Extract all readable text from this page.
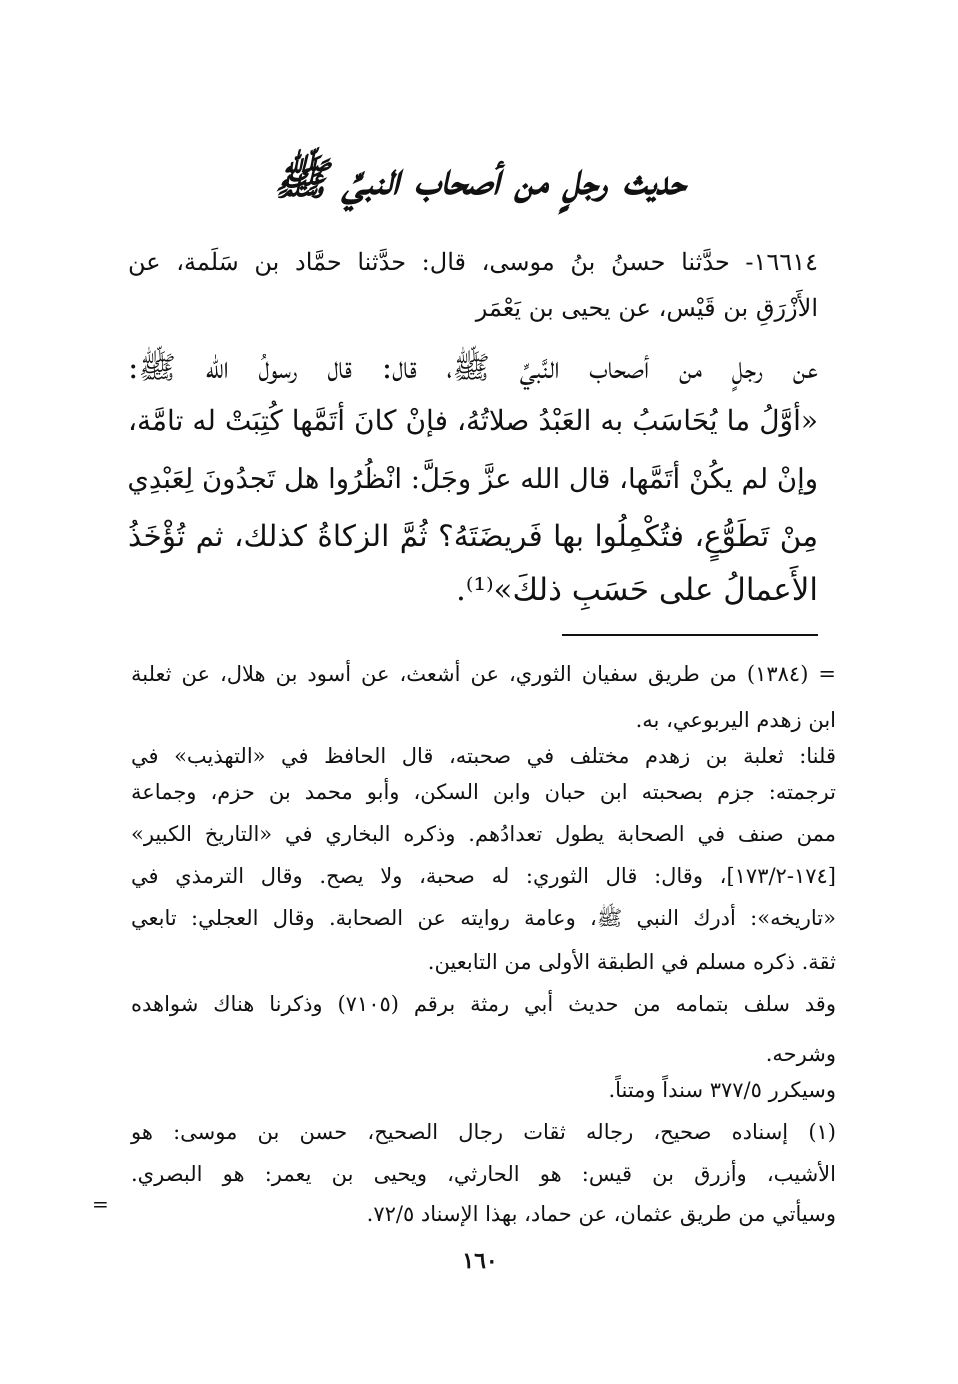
حديث رجلٍ من أصحاب النبيِّ ﷺ
١٦٦١٤- حدَّثنا حسنُ بنُ موسى، قال: حدَّثنا حمَّاد بن سَلَمة، عن
الأَزْرَقِ بن قَيْس، عن يحيى بن يَعْمَر
عن رجلٍ من أصحاب النَّبيِّ ﷺ، قال: قال رسولُ الله ﷺ:
«أوَّلُ ما يُحَاسَبُ به العَبْدُ صلاتُهُ، فإنْ كانَ أتَمَّها كُتِبَتْ له تامَّة،
وإنْ لم يكُنْ أتَمَّها، قال الله عزَّ وجَلَّ: انْظُرُوا هل تَجدُونَ لِعَبْدِي
مِنْ تَطَوُّعٍ، فتُكْمِلُوا بها فَريضَتَهُ؟ ثُمَّ الزكاةُ كذلك، ثم تُؤْخَذُ
الأَعمالُ على حَسَبِ ذلكَ»⁽¹⁾.
= (١٣٨٤) من طريق سفيان الثوري، عن أشعث، عن أسود بن هلال، عن ثعلبة
ابن زهدم اليربوعي، به.
قلنا: ثعلبة بن زهدم مختلف في صحبته، قال الحافظ في «التهذيب» في
ترجمته: جزم بصحبته ابن حبان وابن السكن، وأبو محمد بن حزم، وجماعة
ممن صنف في الصحابة يطول تعدادُهم. وذكره البخاري في «التاريخ الكبير»
[١٧٤-١٧٣/٢]، وقال: قال الثوري: له صحبة، ولا يصح. وقال الترمذي في
«تاريخه»: أدرك النبي ﷺ، وعامة روايته عن الصحابة. وقال العجلي: تابعي
ثقة. ذكره مسلم في الطبقة الأولى من التابعين.
وقد سلف بتمامه من حديث أبي رمثة برقم (٧١٠٥) وذكرنا هناك شواهده
وشرحه.
وسيكرر ٣٧٧/٥ سنداً ومتناً.
(١) إسناده صحيح، رجاله ثقات رجال الصحيح، حسن بن موسى: هو
الأشيب، وأزرق بن قيس: هو الحارثي، ويحيى بن يعمر: هو البصري.
وسيأتي من طريق عثمان، عن حماد، بهذا الإسناد ٧٢/٥.
=
١٦٠
